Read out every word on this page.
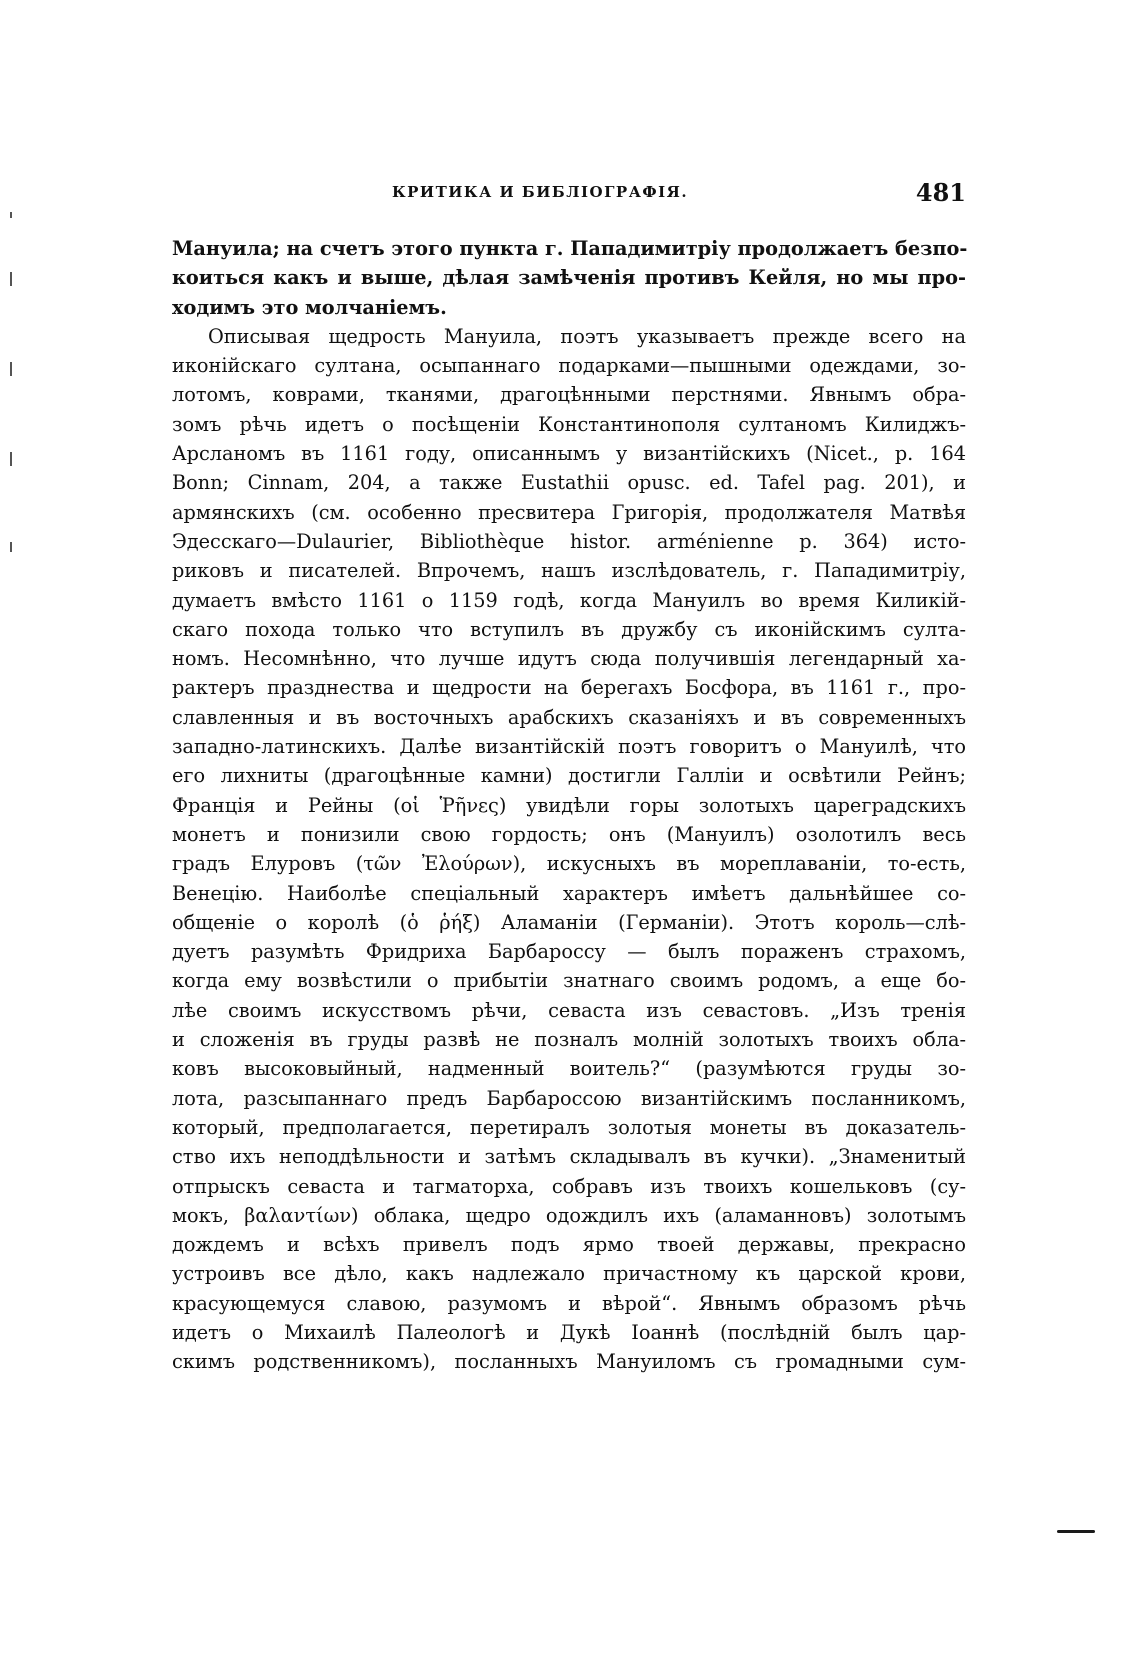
КРИТИКА И БИБЛІОГРАФІЯ.	481
Мануила; на счетъ этого пункта г. Пападимитріу продолжаетъ безпо-
коиться какъ и выше, дѣлая замѣченія противъ Кейля, но мы про-
ходимъ это молчаніемъ.
Описывая щедрость Мануила, поэтъ указываетъ прежде всего на
иконійскаго султана, осыпаннаго подарками—пышными одеждами, зо-
лотомъ, коврами, тканями, драгоцѣнными перстнями. Явнымъ обра-
зомъ рѣчь идетъ о посѣщеніи Константинополя султаномъ Килиджъ-
Арсланомъ въ 1161 году, описаннымъ у византійскихъ (Nicet., p. 164
Bonn; Cinnam, 204, а также Eustathii opusc. ed. Tafel pag. 201), и
армянскихъ (см. особенно пресвитера Григорія, продолжателя Матвѣя
Эдесскаго—Dulaurier, Bibliothèque histor. arménienne p. 364) исто-
риковъ и писателей. Впрочемъ, нашъ изслѣдователь, г. Пападимитріу,
думаетъ вмѣсто 1161 о 1159 годѣ, когда Мануилъ во время Киликій-
скаго похода только что вступилъ въ дружбу съ иконійскимъ султа-
номъ. Несомнѣнно, что лучше идутъ сюда получившія легендарный ха-
рактеръ празднества и щедрости на берегахъ Босфора, въ 1161 г., про-
славленныя и въ восточныхъ арабскихъ сказаніяхъ и въ современныхъ
западно-латинскихъ. Далѣе византійскій поэтъ говоритъ о Мануилѣ, что
его лихниты (драгоцѣнные камни) достигли Галліи и освѣтили Рейнъ;
Франція и Рейны (οἱ Ῥῆνες) увидѣли горы золотыхъ цареградскихъ
монетъ и понизили свою гордость; онъ (Мануилъ) озолотилъ весь
градъ Елуровъ (τῶν Ἐλούρων), искусныхъ въ мореплаваніи, то-есть,
Венецію. Наиболѣе спеціальный характеръ имѣетъ дальнѣйшее со-
общеніе о королѣ (ὁ ῥήξ) Аламаніи (Германіи). Этотъ король—слѣ-
дуетъ разумѣть Фридриха Барбароссу — былъ пораженъ страхомъ,
когда ему возвѣстили о прибытіи знатнаго своимъ родомъ, а еще бо-
лѣе своимъ искусствомъ рѣчи, севаста изъ севастовъ. „Изъ тренія
и сложенія въ груды развѣ не позналъ молній золотыхъ твоихъ обла-
ковъ высоковыйный, надменный воитель?“ (разумѣются груды зо-
лота, разсыпаннаго предъ Барбароссою византійскимъ посланникомъ,
который, предполагается, перетиралъ золотыя монеты въ доказатель-
ство ихъ неподдѣльности и затѣмъ складывалъ въ кучки). „Знаменитый
отпрыскъ севаста и тагматорха, собравъ изъ твоихъ кошельковъ (су-
мокъ, βαλαντίων) облака, щедро одождилъ ихъ (аламанновъ) золотымъ
дождемъ и всѣхъ привелъ подъ ярмо твоей державы, прекрасно
устроивъ все дѣло, какъ надлежало причастному къ царской крови,
красующемуся славою, разумомъ и вѣрой“. Явнымъ образомъ рѣчь
идетъ о Михаилѣ Палеологѣ и Дукѣ Іоаннѣ (послѣдній былъ цар-
скимъ родственникомъ), посланныхъ Мануиломъ съ громадными сум-
